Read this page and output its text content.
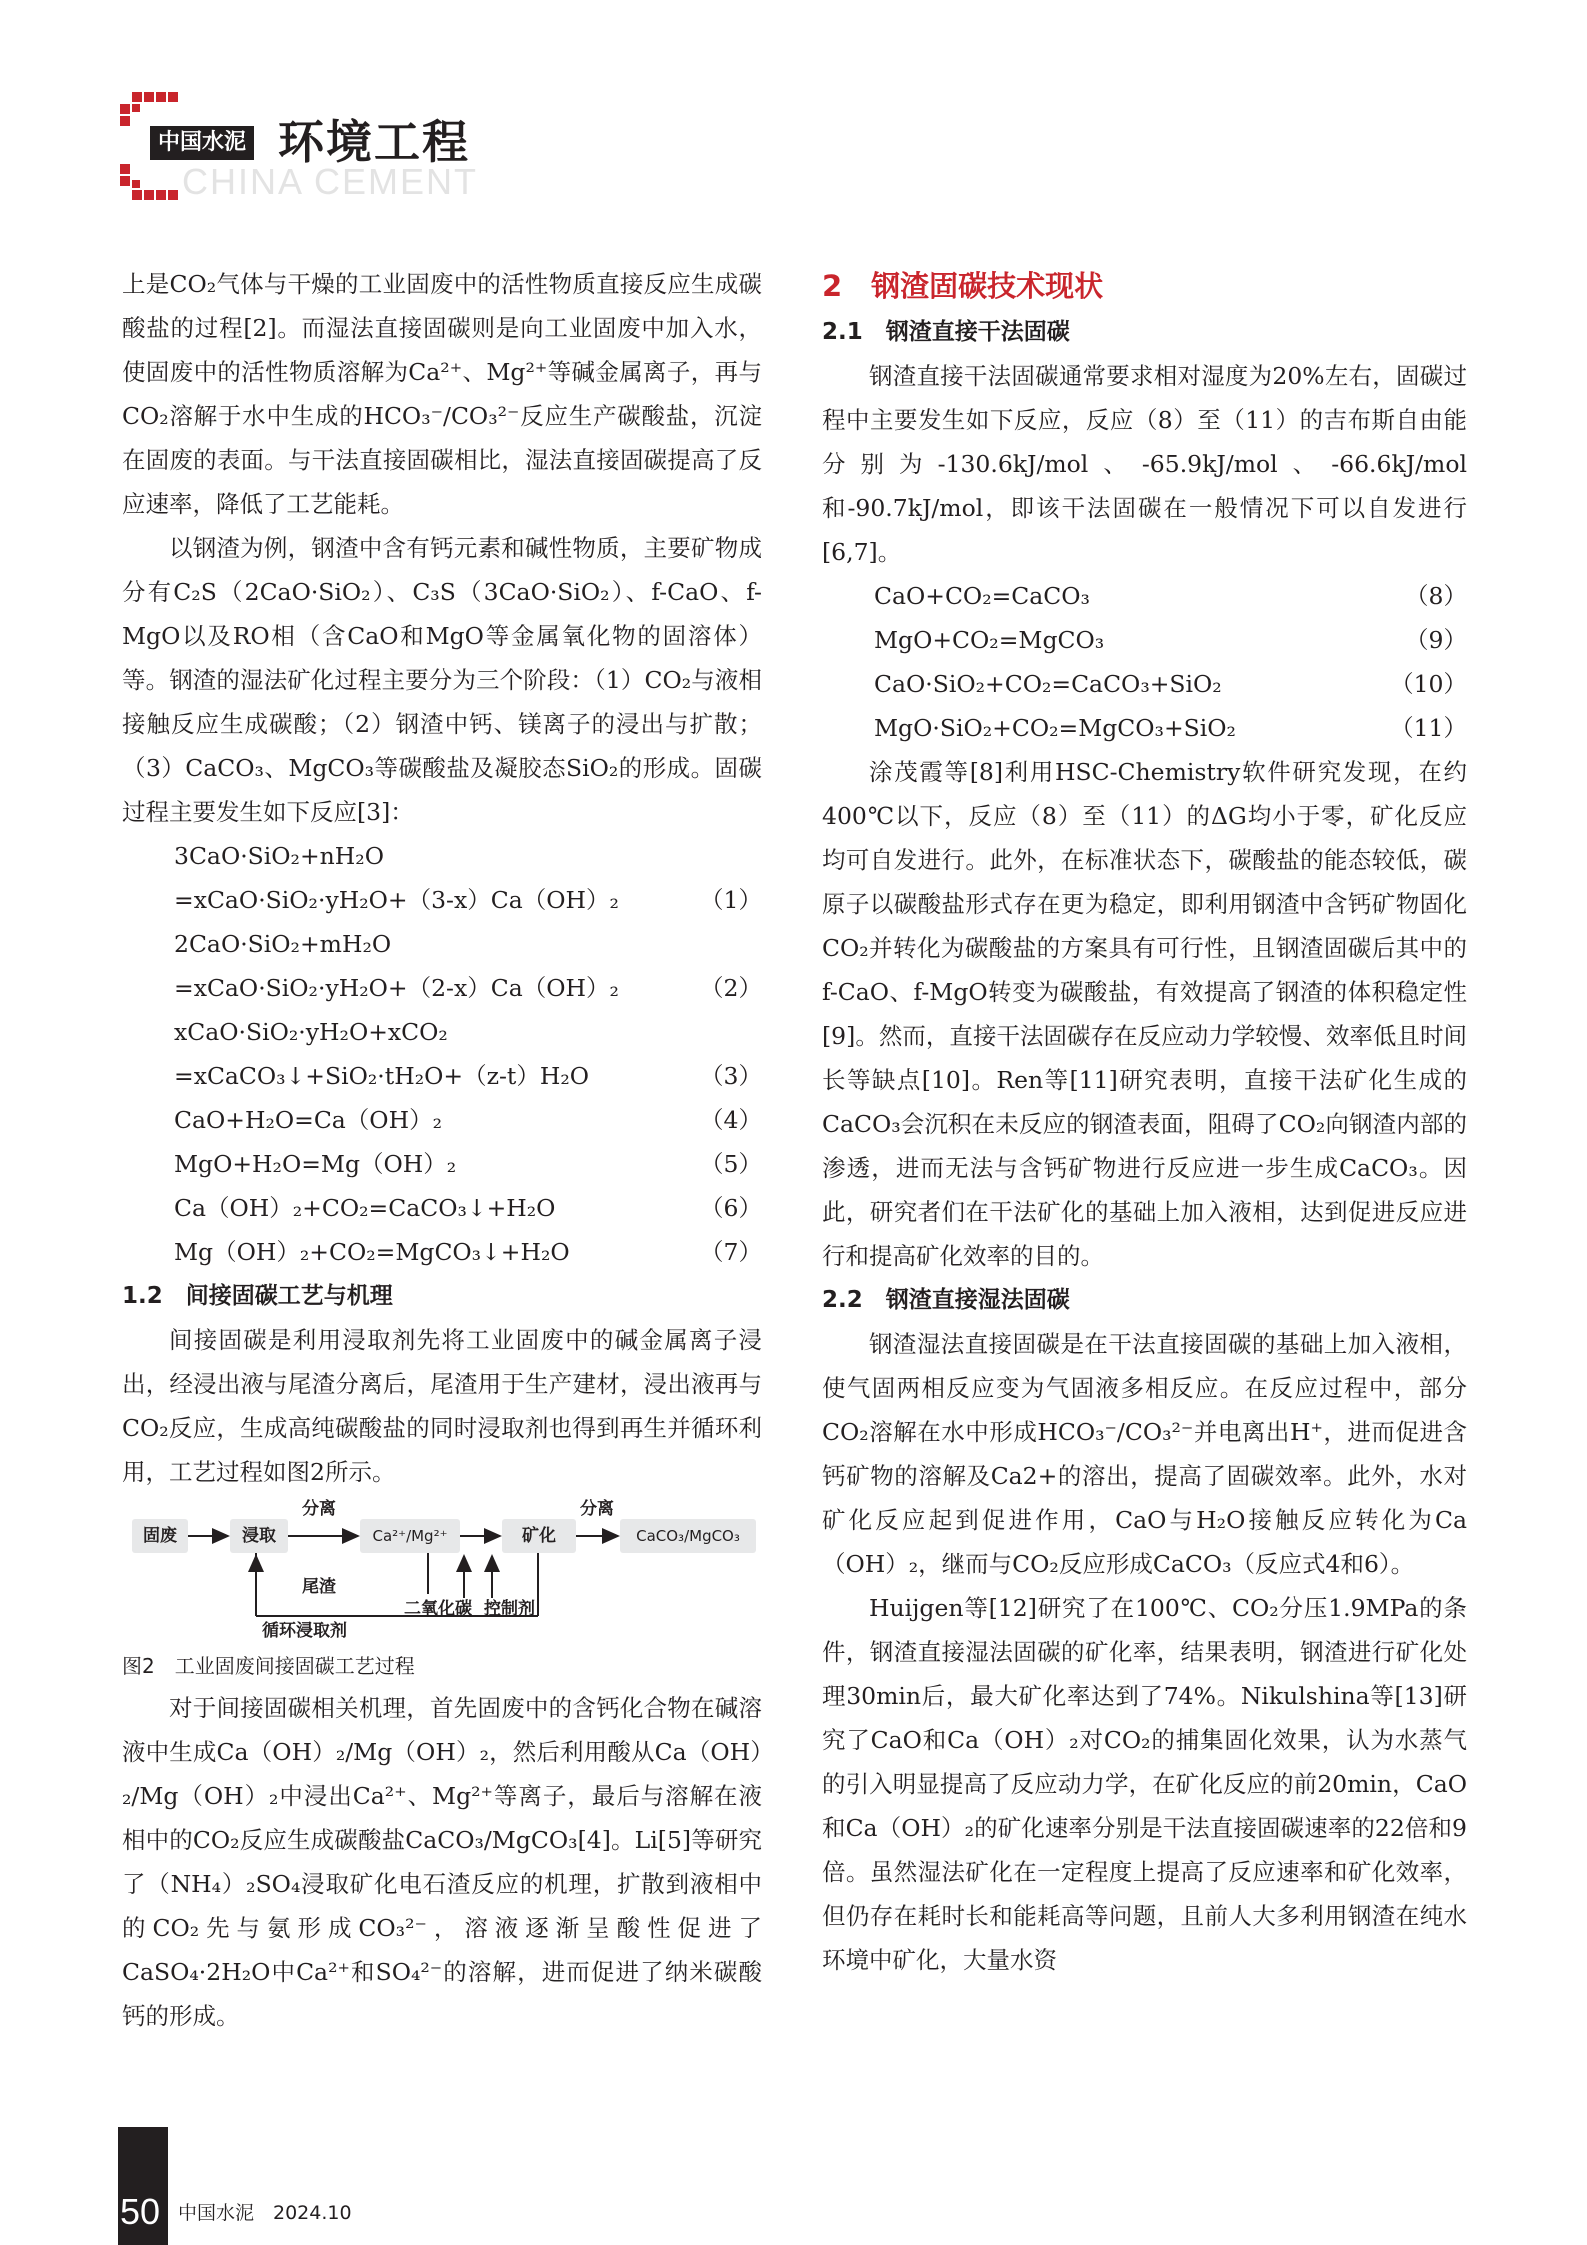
中国水泥 环境工程
CHINA CEMENT

上是CO₂气体与干燥的工业固废中的活性物质直接反应生成碳酸盐的过程[2]。而湿法直接固碳则是向工业固废中加入水，使固废中的活性物质溶解为Ca²⁺、Mg²⁺等碱金属离子，再与CO₂溶解于水中生成的HCO₃⁻/CO₃²⁻反应生产碳酸盐，沉淀在固废的表面。与干法直接固碳相比，湿法直接固碳提高了反应速率，降低了工艺能耗。

以钢渣为例，钢渣中含有钙元素和碱性物质，主要矿物成分有C₂S（2CaO·SiO₂）、C₃S（3CaO·SiO₂）、f-CaO、f-MgO以及RO相（含CaO和MgO等金属氧化物的固溶体）等。钢渣的湿法矿化过程主要分为三个阶段：（1）CO₂与液相接触反应生成碳酸；（2）钢渣中钙、镁离子的浸出与扩散；（3）CaCO₃、MgCO₃等碳酸盐及凝胶态SiO₂的形成。固碳过程主要发生如下反应[3]：

3CaO·SiO₂+nH₂O

=xCaO·SiO₂·yH₂O+（3-x）Ca（OH）₂	（1）

2CaO·SiO₂+mH₂O

=xCaO·SiO₂·yH₂O+（2-x）Ca（OH）₂	（2）

xCaO·SiO₂·yH₂O+xCO₂

=xCaCO₃↓+SiO₂·tH₂O+（z-t）H₂O	（3）

CaO+H₂O=Ca（OH）₂	（4）

MgO+H₂O=Mg（OH）₂	（5）

Ca（OH）₂+CO₂=CaCO₃↓+H₂O	（6）

Mg（OH）₂+CO₂=MgCO₃↓+H₂O	（7）

1.2　间接固碳工艺与机理

间接固碳是利用浸取剂先将工业固废中的碱金属离子浸出，经浸出液与尾渣分离后，尾渣用于生产建材，浸出液再与CO₂反应，生成高纯碳酸盐的同时浸取剂也得到再生并循环利用，工艺过程如图2所示。

固废	浸取	Ca²⁺/Mg²⁺	矿化	CaCO₃/MgCO₃
分离	分离
尾渣
二氧化碳 控制剂
循环浸取剂

图2　工业固废间接固碳工艺过程

对于间接固碳相关机理，首先固废中的含钙化合物在碱溶液中生成Ca（OH）₂/Mg（OH）₂，然后利用酸从Ca（OH）₂/Mg（OH）₂中浸出Ca²⁺、Mg²⁺等离子，最后与溶解在液相中的CO₂反应生成碳酸盐CaCO₃/MgCO₃[4]。Li[5]等研究了（NH₄）₂SO₄浸取矿化电石渣反应的机理，扩散到液相中的CO₂先与氨形成CO₃²⁻，溶液逐渐呈酸性促进了CaSO₄·2H₂O中Ca²⁺和SO₄²⁻的溶解，进而促进了纳米碳酸钙的形成。

2　钢渣固碳技术现状

2.1　钢渣直接干法固碳

钢渣直接干法固碳通常要求相对湿度为20%左右，固碳过程中主要发生如下反应，反应（8）至（11）的吉布斯自由能分别为-130.6kJ/mol、-65.9kJ/mol、-66.6kJ/mol和-90.7kJ/mol，即该干法固碳在一般情况下可以自发进行[6,7]。

CaO+CO₂=CaCO₃	（8）

MgO+CO₂=MgCO₃	（9）

CaO·SiO₂+CO₂=CaCO₃+SiO₂	（10）

MgO·SiO₂+CO₂=MgCO₃+SiO₂	（11）

涂茂霞等[8]利用HSC-Chemistry软件研究发现，在约400℃以下，反应（8）至（11）的ΔG均小于零，矿化反应均可自发进行。此外，在标准状态下，碳酸盐的能态较低，碳原子以碳酸盐形式存在更为稳定，即利用钢渣中含钙矿物固化CO₂并转化为碳酸盐的方案具有可行性，且钢渣固碳后其中的f-CaO、f-MgO转变为碳酸盐，有效提高了钢渣的体积稳定性[9]。然而，直接干法固碳存在反应动力学较慢、效率低且时间长等缺点[10]。Ren等[11]研究表明，直接干法矿化生成的CaCO₃会沉积在未反应的钢渣表面，阻碍了CO₂向钢渣内部的渗透，进而无法与含钙矿物进行反应进一步生成CaCO₃。因此，研究者们在干法矿化的基础上加入液相，达到促进反应进行和提高矿化效率的目的。

2.2　钢渣直接湿法固碳

钢渣湿法直接固碳是在干法直接固碳的基础上加入液相，使气固两相反应变为气固液多相反应。在反应过程中，部分CO₂溶解在水中形成HCO₃⁻/CO₃²⁻并电离出H⁺，进而促进含钙矿物的溶解及Ca2+的溶出，提高了固碳效率。此外，水对矿化反应起到促进作用，CaO与H₂O接触反应转化为Ca（OH）₂，继而与CO₂反应形成CaCO₃（反应式4和6）。

Huijgen等[12]研究了在100℃、CO₂分压1.9MPa的条件，钢渣直接湿法固碳的矿化率，结果表明，钢渣进行矿化处理30min后，最大矿化率达到了74%。Nikulshina等[13]研究了CaO和Ca（OH）₂对CO₂的捕集固化效果，认为水蒸气的引入明显提高了反应动力学，在矿化反应的前20min，CaO和Ca（OH）₂的矿化速率分别是干法直接固碳速率的22倍和9倍。虽然湿法矿化在一定程度上提高了反应速率和矿化效率，但仍存在耗时长和能耗高等问题，且前人大多利用钢渣在纯水环境中矿化，大量水资

50 中国水泥　2024.10
